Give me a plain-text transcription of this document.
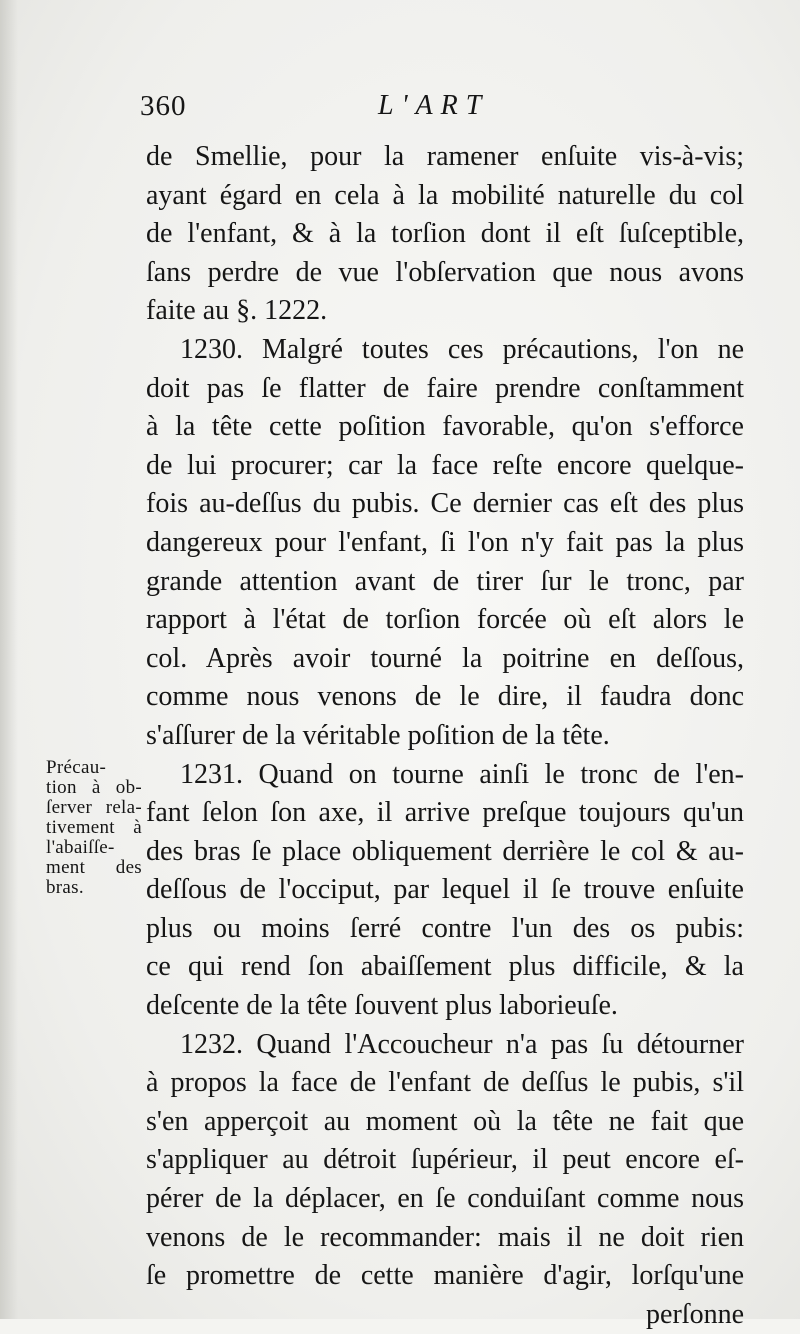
360	L'ART
Précau-
tion à ob-
ſerver rela-
tivement à
l'abaiſſe-
ment des
bras.
de Smellie, pour la ramener enſuite vis-à-vis;
ayant égard en cela à la mobilité naturelle du col
de l'enfant, & à la torſion dont il eſt ſuſceptible,
ſans perdre de vue l'obſervation que nous avons
faite au §. 1222.
1230. Malgré toutes ces précautions, l'on ne
doit pas ſe flatter de faire prendre conſtamment
à la tête cette poſition favorable, qu'on s'efforce
de lui procurer; car la face reſte encore quelque-
fois au-deſſus du pubis. Ce dernier cas eſt des plus
dangereux pour l'enfant, ſi l'on n'y fait pas la plus
grande attention avant de tirer ſur le tronc, par
rapport à l'état de torſion forcée où eſt alors le
col. Après avoir tourné la poitrine en deſſous,
comme nous venons de le dire, il faudra donc
s'aſſurer de la véritable poſition de la tête.
1231. Quand on tourne ainſi le tronc de l'en-
fant ſelon ſon axe, il arrive preſque toujours qu'un
des bras ſe place obliquement derrière le col & au-
deſſous de l'occiput, par lequel il ſe trouve enſuite
plus ou moins ſerré contre l'un des os pubis:
ce qui rend ſon abaiſſement plus difficile, & la
deſcente de la tête ſouvent plus laborieuſe.
1232. Quand l'Accoucheur n'a pas ſu détourner
à propos la face de l'enfant de deſſus le pubis, s'il
s'en apperçoit au moment où la tête ne fait que
s'appliquer au détroit ſupérieur, il peut encore eſ-
pérer de la déplacer, en ſe conduiſant comme nous
venons de le recommander: mais il ne doit rien
ſe promettre de cette manière d'agir, lorſqu'une
perſonne
